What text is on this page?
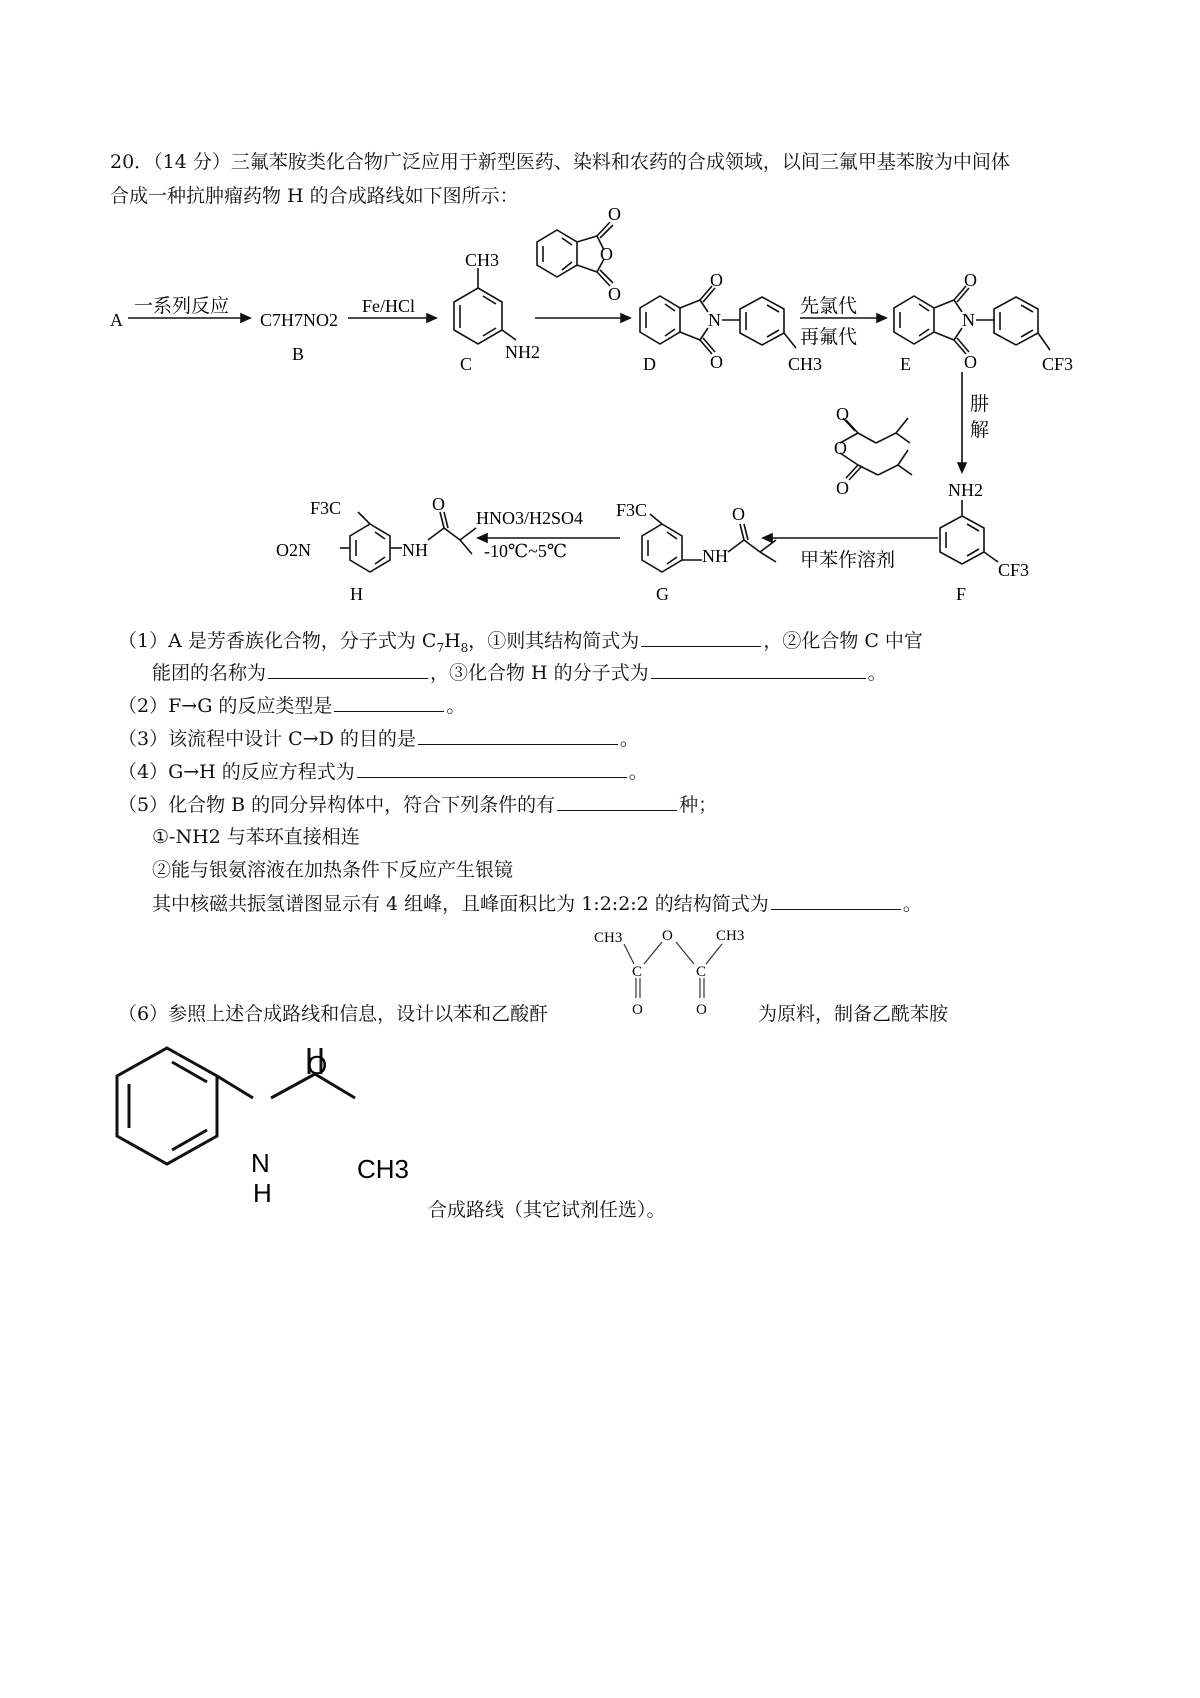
20．（14 分）三氟苯胺类化合物广泛应用于新型医药、染料和农药的合成领域，以间三氟甲基苯胺为中间体
合成一种抗肿瘤药物 H 的合成路线如下图所示：
A
一系列反应
C7H7NO2
B
Fe/HCl
CH3
NH2
C
O
O
O
O
O
N
CH3
D
先氯代
再氟代
O
O
N
CF3
E
肼
解
O
O
O	NH2
CF3
F
甲苯作溶剂
F3C
NH
O
G
HNO3/H2SO4
-10℃~5℃
F3C
O2N	NH
O
H
（1）A 是芳香族化合物，分子式为 $C_7H_8$，①则其结构简式为	，②化合物 C 中官
能团的名称为	，③化合物 H 的分子式为	。
（2）F→G 的反应类型是	。
（3）该流程中设计 C→D 的目的是	。
（4）G→H 的反应方程式为	。
（5）化合物 B 的同分异构体中，符合下列条件的有	种；
①-NH2 与苯环直接相连
②能与银氨溶液在加热条件下反应产生银镜
其中核磁共振氢谱图显示有 4 组峰，且峰面积比为 1:2:2:2 的结构简式为	。
CH3	O	CH3
C	C
O	O
（6）参照上述合成路线和信息，设计以苯和乙酸酐	为原料，制备乙酰苯胺
O
N
H
CH3
合成路线（其它试剂任选）。
